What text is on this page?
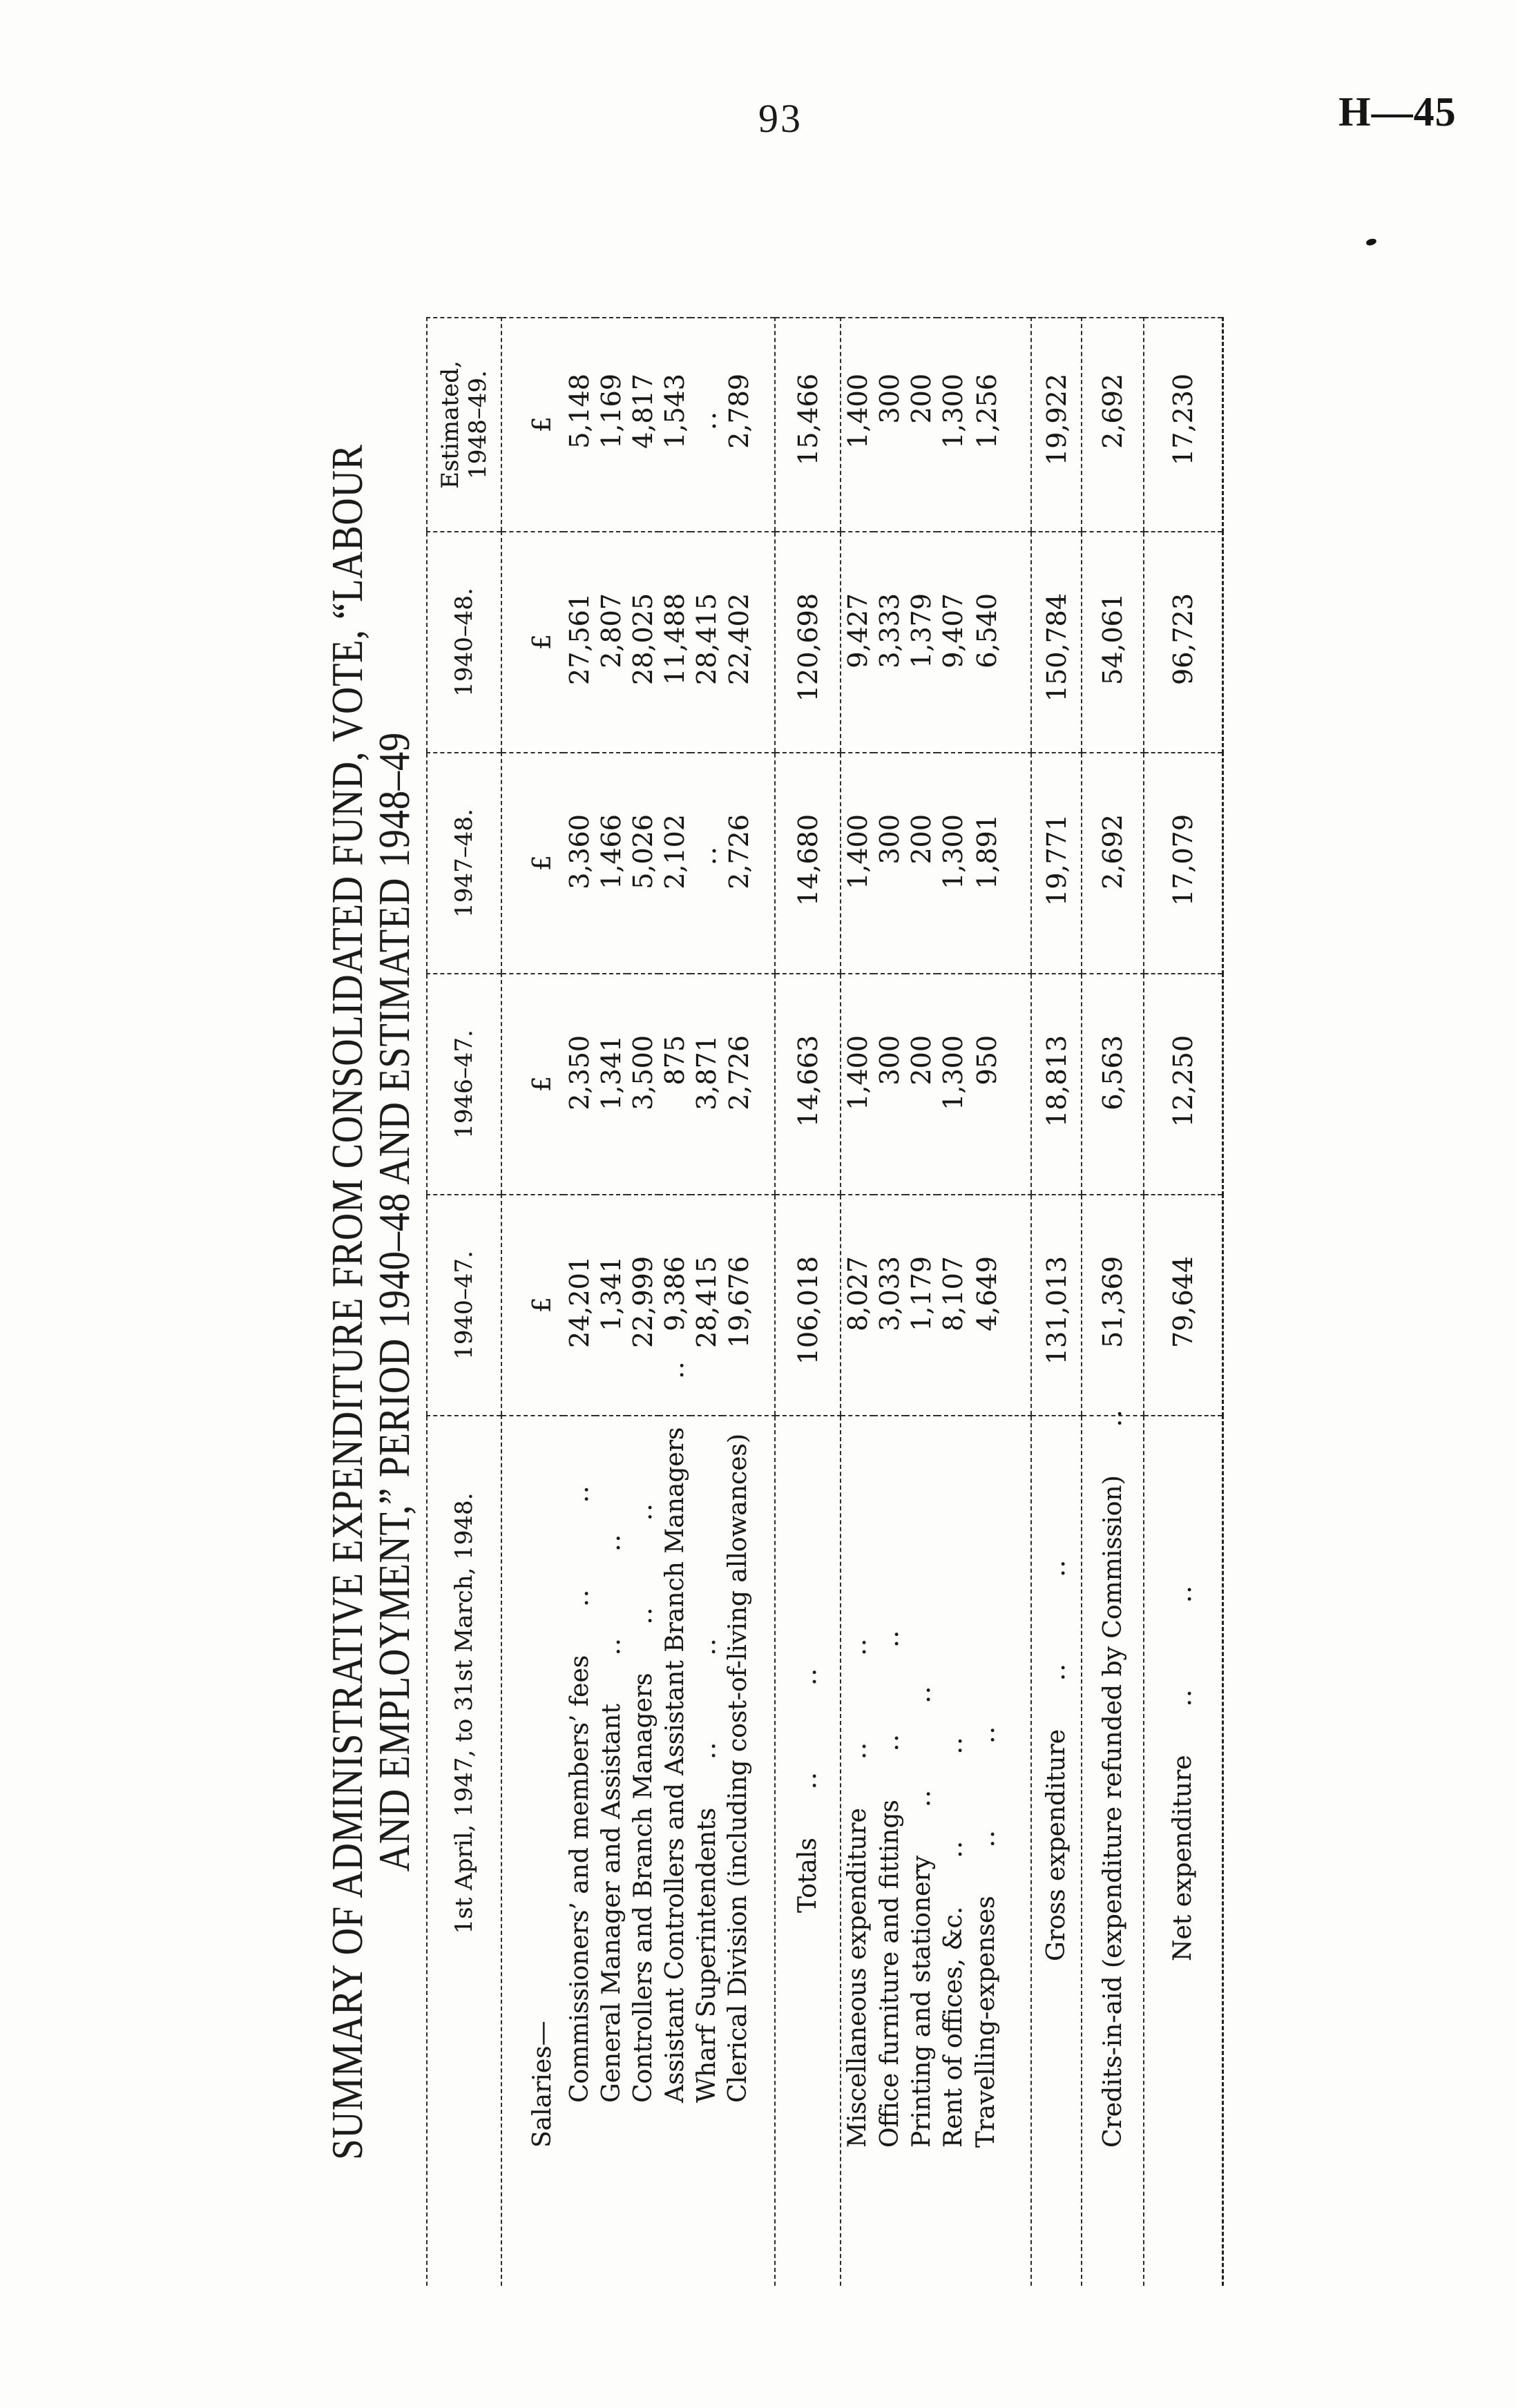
93	H—45
SUMMARY OF ADMINISTRATIVE EXPENDITURE FROM CONSOLIDATED FUND, VOTE, “LABOUR
AND EMPLOYMENT,” PERIOD 1940–48 AND ESTIMATED 1948–49 1st April, 1947, to 31st March, 1948.	1940–47.	1946–47.	1947–48.	1940–48.	Estimated, 1948–49.

Salaries—	£	£	£	£	£
Commissioners’ and members’ fees.. ..	24,201	2,350	3,360	27,561	5,148
General Manager and Assistant.. ..	1,341	1,341	1,466	2,807	1,169
Controllers and Branch Managers.. ..	22,999	3,500	5,026	28,025	4,817
Assistant Controllers and Assistant Branch Managers..	9,386	875	2,102	11,488	1,543
Wharf Superintendents.. ..	28,415	3,871	..	28,415	..
Clerical Division (including cost-of-living allowances)	19,676	2,726	2,726	22,402	2,789
Totals.. ..	106,018	14,663	14,680	120,698	15,466
Miscellaneous expenditure.. ..	8,027	1,400	1,400	9,427	1,400
Office furniture and fittings.. ..	3,033	300	300	3,333	300
Printing and stationery.. ..	1,179	200	200	1,379	200
Rent of offices, &c... ..	8,107	1,300	1,300	9,407	1,300
Travelling-expenses.. ..	4,649	950	1,891	6,540	1,256
Gross expenditure.. ..	131,013	18,813	19,771	150,784	19,922
Credits-in-aid (expenditure refunded by Commission)..	51,369	6,563	2,692	54,061	2,692
Net expenditure.. ..	79,644	12,250	17,079	96,723	17,230
